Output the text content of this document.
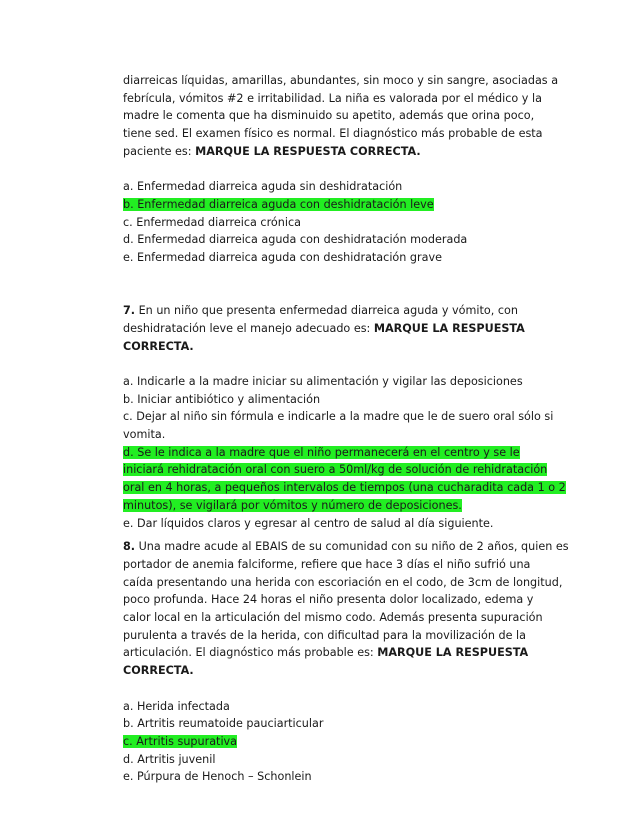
diarreicas líquidas, amarillas, abundantes, sin moco y sin sangre, asociadas a
febrícula, vómitos #2 e irritabilidad. La niña es valorada por el médico y la
madre le comenta que ha disminuido su apetito, además que orina poco,
tiene sed. El examen físico es normal. El diagnóstico más probable de esta
paciente es: MARQUE LA RESPUESTA CORRECTA.
a. Enfermedad diarreica aguda sin deshidratación
b. Enfermedad diarreica aguda con deshidratación leve
c. Enfermedad diarreica crónica
d. Enfermedad diarreica aguda con deshidratación moderada
e. Enfermedad diarreica aguda con deshidratación grave
7. En un niño que presenta enfermedad diarreica aguda y vómito, con
deshidratación leve el manejo adecuado es: MARQUE LA RESPUESTA
CORRECTA.
a. Indicarle a la madre iniciar su alimentación y vigilar las deposiciones
b. Iniciar antibiótico y alimentación
c. Dejar al niño sin fórmula e indicarle a la madre que le de suero oral sólo si
vomita.
d. Se le indica a la madre que el niño permanecerá en el centro y se le
iniciará rehidratación oral con suero a 50ml/kg de solución de rehidratación
oral en 4 horas, a pequeños intervalos de tiempos (una cucharadita cada 1 o 2
minutos), se vigilará por vómitos y número de deposiciones.
e. Dar líquidos claros y egresar al centro de salud al día siguiente.
8. Una madre acude al EBAIS de su comunidad con su niño de 2 años, quien es
portador de anemia falciforme, refiere que hace 3 días el niño sufrió una
caída presentando una herida con escoriación en el codo, de 3cm de longitud,
poco profunda. Hace 24 horas el niño presenta dolor localizado, edema y
calor local en la articulación del mismo codo. Además presenta supuración
purulenta a través de la herida, con dificultad para la movilización de la
articulación. El diagnóstico más probable es: MARQUE LA RESPUESTA
CORRECTA.
a. Herida infectada
b. Artritis reumatoide pauciarticular
c. Artritis supurativa
d. Artritis juvenil
e. Púrpura de Henoch – Schonlein
